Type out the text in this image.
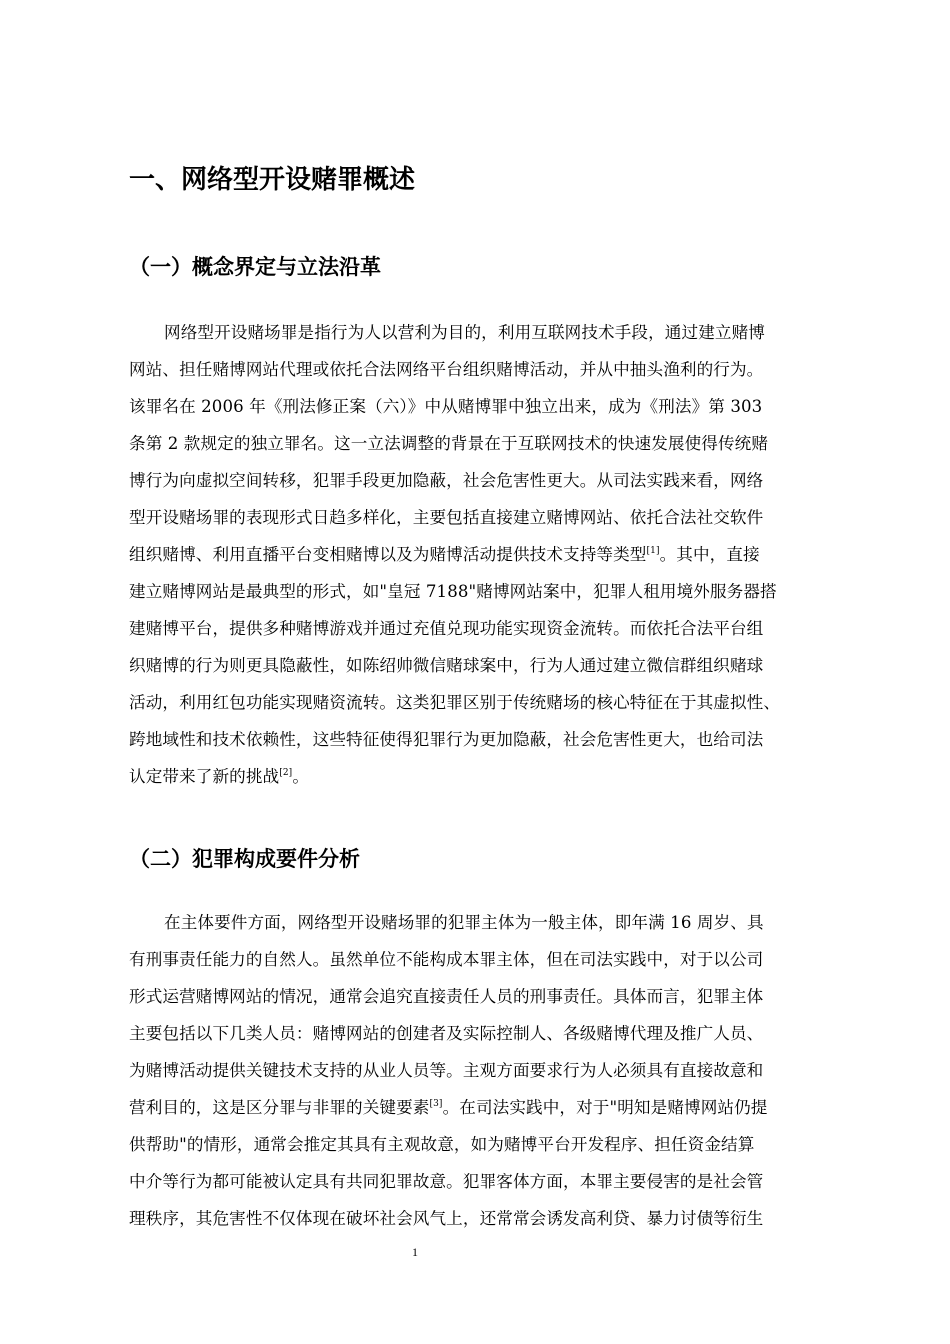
一、网络型开设赌罪概述
（一）概念界定与立法沿革
网络型开设赌场罪是指行为人以营利为目的，利用互联网技术手段，通过建立赌博
网站、担任赌博网站代理或依托合法网络平台组织赌博活动，并从中抽头渔利的行为。
该罪名在 2006 年《刑法修正案（六）》中从赌博罪中独立出来，成为《刑法》第 303
条第 2 款规定的独立罪名。这一立法调整的背景在于互联网技术的快速发展使得传统赌
博行为向虚拟空间转移，犯罪手段更加隐蔽，社会危害性更大。从司法实践来看，网络
型开设赌场罪的表现形式日趋多样化，主要包括直接建立赌博网站、依托合法社交软件
组织赌博、利用直播平台变相赌博以及为赌博活动提供技术支持等类型[1]。其中，直接
建立赌博网站是最典型的形式，如"皇冠 7188"赌博网站案中，犯罪人租用境外服务器搭
建赌博平台，提供多种赌博游戏并通过充值兑现功能实现资金流转。而依托合法平台组
织赌博的行为则更具隐蔽性，如陈绍帅微信赌球案中，行为人通过建立微信群组织赌球
活动，利用红包功能实现赌资流转。这类犯罪区别于传统赌场的核心特征在于其虚拟性、
跨地域性和技术依赖性，这些特征使得犯罪行为更加隐蔽，社会危害性更大，也给司法
认定带来了新的挑战[2]。
（二）犯罪构成要件分析
在主体要件方面，网络型开设赌场罪的犯罪主体为一般主体，即年满 16 周岁、具
有刑事责任能力的自然人。虽然单位不能构成本罪主体，但在司法实践中，对于以公司
形式运营赌博网站的情况，通常会追究直接责任人员的刑事责任。具体而言，犯罪主体
主要包括以下几类人员：赌博网站的创建者及实际控制人、各级赌博代理及推广人员、
为赌博活动提供关键技术支持的从业人员等。主观方面要求行为人必须具有直接故意和
营利目的，这是区分罪与非罪的关键要素[3]。在司法实践中，对于"明知是赌博网站仍提
供帮助"的情形，通常会推定其具有主观故意，如为赌博平台开发程序、担任资金结算
中介等行为都可能被认定具有共同犯罪故意。犯罪客体方面，本罪主要侵害的是社会管
理秩序，其危害性不仅体现在破坏社会风气上，还常常会诱发高利贷、暴力讨债等衍生
1
